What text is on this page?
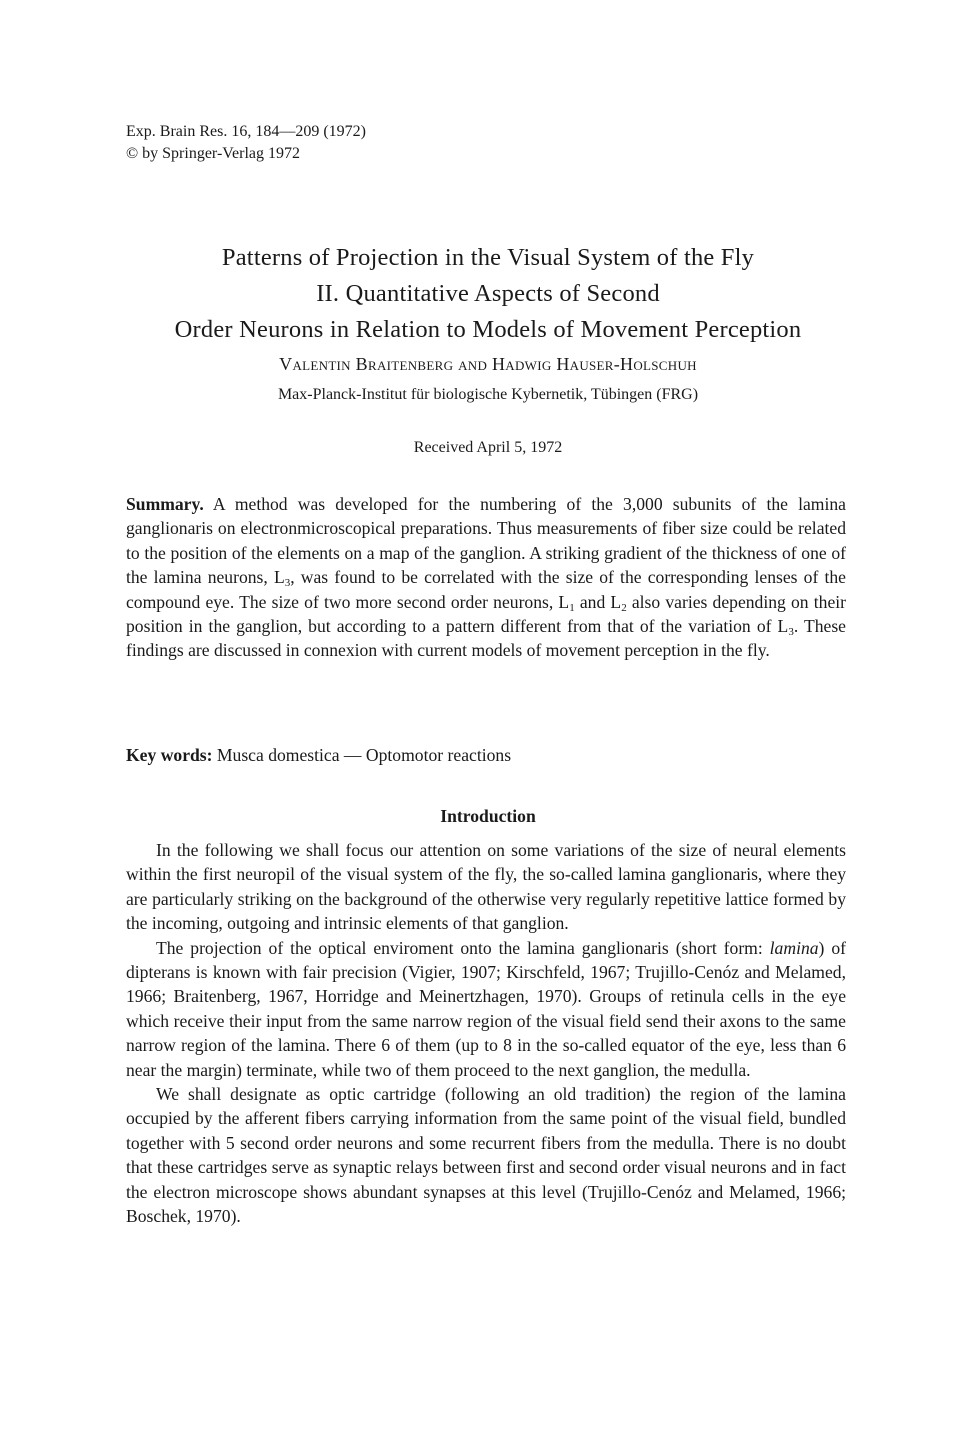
Exp. Brain Res. 16, 184—209 (1972)
© by Springer-Verlag 1972
Patterns of Projection in the Visual System of the Fly
II. Quantitative Aspects of Second
Order Neurons in Relation to Models of Movement Perception
Valentin Braitenberg and Hadwig Hauser-Holschuh
Max-Planck-Institut für biologische Kybernetik, Tübingen (FRG)
Received April 5, 1972
Summary. A method was developed for the numbering of the 3,000 subunits of the lamina ganglionaris on electronmicroscopical preparations. Thus measurements of fiber size could be related to the position of the elements on a map of the ganglion. A striking gradient of the thickness of one of the lamina neurons, $L_3$, was found to be correlated with the size of the corresponding lenses of the compound eye. The size of two more second order neurons, $L_1$ and $L_2$ also varies depending on their position in the ganglion, but according to a pattern different from that of the variation of $L_3$. These findings are discussed in connexion with current models of movement perception in the fly.
Key words: Musca domestica — Optomotor reactions
Introduction

In the following we shall focus our attention on some variations of the size of neural elements within the first neuropil of the visual system of the fly, the so-called lamina ganglionaris, where they are particularly striking on the background of the otherwise very regularly repetitive lattice formed by the incoming, outgoing and intrinsic elements of that ganglion.

The projection of the optical enviroment onto the lamina ganglionaris (short form: lamina) of dipterans is known with fair precision (Vigier, 1907; Kirschfeld, 1967; Trujillo-Cenóz and Melamed, 1966; Braitenberg, 1967, Horridge and Meinertzhagen, 1970). Groups of retinula cells in the eye which receive their input from the same narrow region of the visual field send their axons to the same narrow region of the lamina. There 6 of them (up to 8 in the so-called equator of the eye, less than 6 near the margin) terminate, while two of them proceed to the next ganglion, the medulla.

We shall designate as optic cartridge (following an old tradition) the region of the lamina occupied by the afferent fibers carrying information from the same point of the visual field, bundled together with 5 second order neurons and some recurrent fibers from the medulla. There is no doubt that these cartridges serve as synaptic relays between first and second order visual neurons and in fact the electron microscope shows abundant synapses at this level (Trujillo-Cenóz and Melamed, 1966; Boschek, 1970).
